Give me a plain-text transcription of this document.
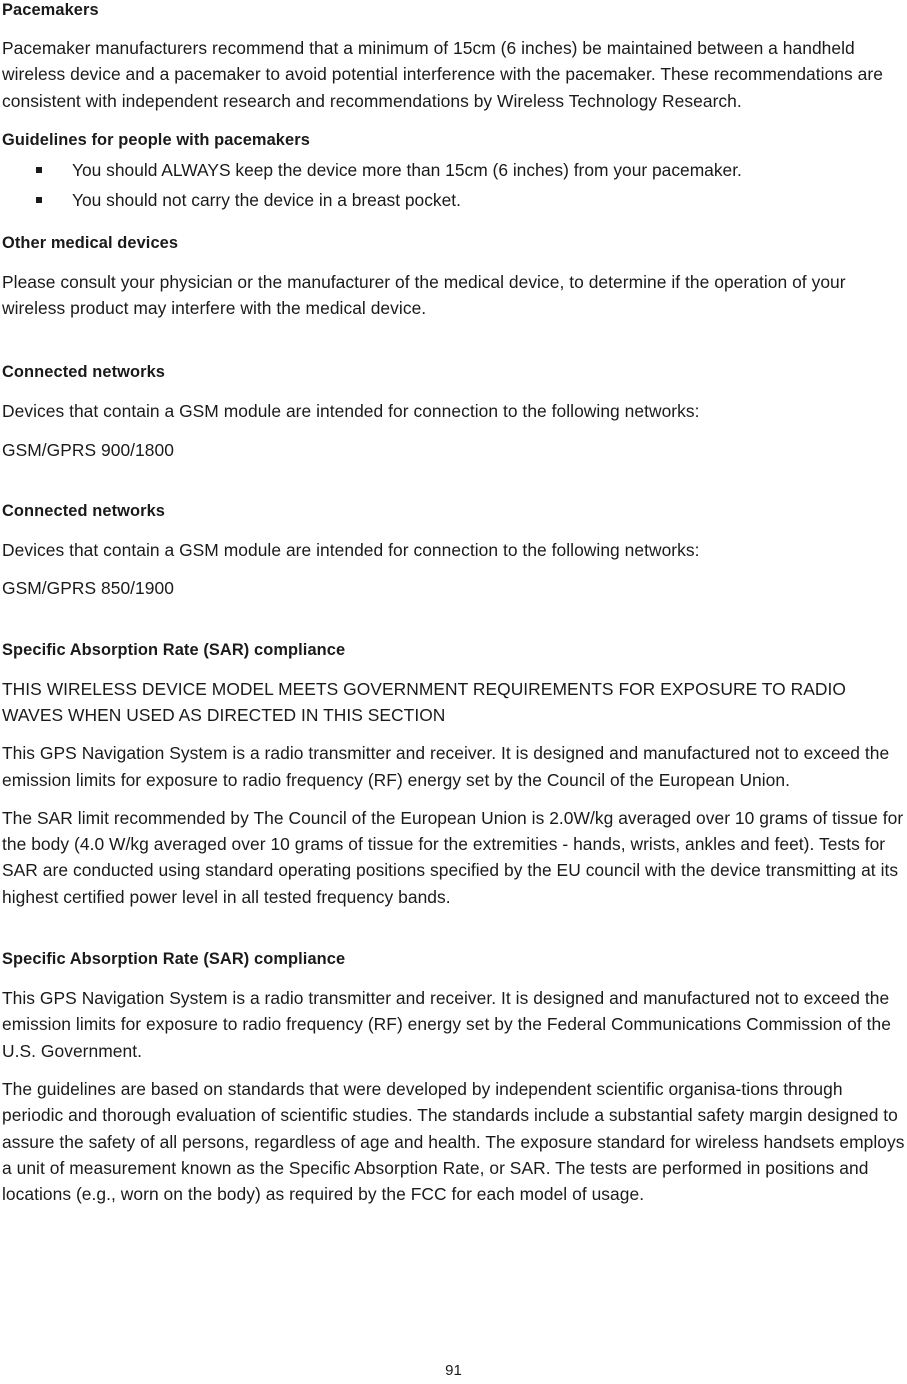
Pacemakers

Pacemaker manufacturers recommend that a minimum of 15cm (6 inches) be maintained between a handheld wireless device and a pacemaker to avoid potential interference with the pacemaker. These recommendations are consistent with independent research and recommendations by Wireless Technology Research.

Guidelines for people with pacemakers
You should ALWAYS keep the device more than 15cm (6 inches) from your pacemaker.
You should not carry the device in a breast pocket.
Other medical devices

Please consult your physician or the manufacturer of the medical device, to determine if the operation of your wireless product may interfere with the medical device.

Connected networks

Devices that contain a GSM module are intended for connection to the following networks:

GSM/GPRS 900/1800

Connected networks

Devices that contain a GSM module are intended for connection to the following networks:

GSM/GPRS 850/1900

Specific Absorption Rate (SAR) compliance

THIS WIRELESS DEVICE MODEL MEETS GOVERNMENT REQUIREMENTS FOR EXPOSURE TO RADIO WAVES WHEN USED AS DIRECTED IN THIS SECTION

This GPS Navigation System is a radio transmitter and receiver. It is designed and manufactured not to exceed the emission limits for exposure to radio frequency (RF) energy set by the Council of the European Union.

The SAR limit recommended by The Council of the European Union is 2.0W/kg averaged over 10 grams of tissue for the body (4.0 W/kg averaged over 10 grams of tissue for the extremities - hands, wrists, ankles and feet). Tests for SAR are conducted using standard operating positions specified by the EU council with the device transmitting at its highest certified power level in all tested frequency bands.

Specific Absorption Rate (SAR) compliance

This GPS Navigation System is a radio transmitter and receiver. It is designed and manufactured not to exceed the emission limits for exposure to radio frequency (RF) energy set by the Federal Communications Commission of the U.S. Government.

The guidelines are based on standards that were developed by independent scientific organisa-tions through periodic and thorough evaluation of scientific studies. The standards include a substantial safety margin designed to assure the safety of all persons, regardless of age and health. The exposure standard for wireless handsets employs a unit of measurement known as the Specific Absorption Rate, or SAR. The tests are performed in positions and locations (e.g., worn on the body) as required by the FCC for each model of usage.

91
